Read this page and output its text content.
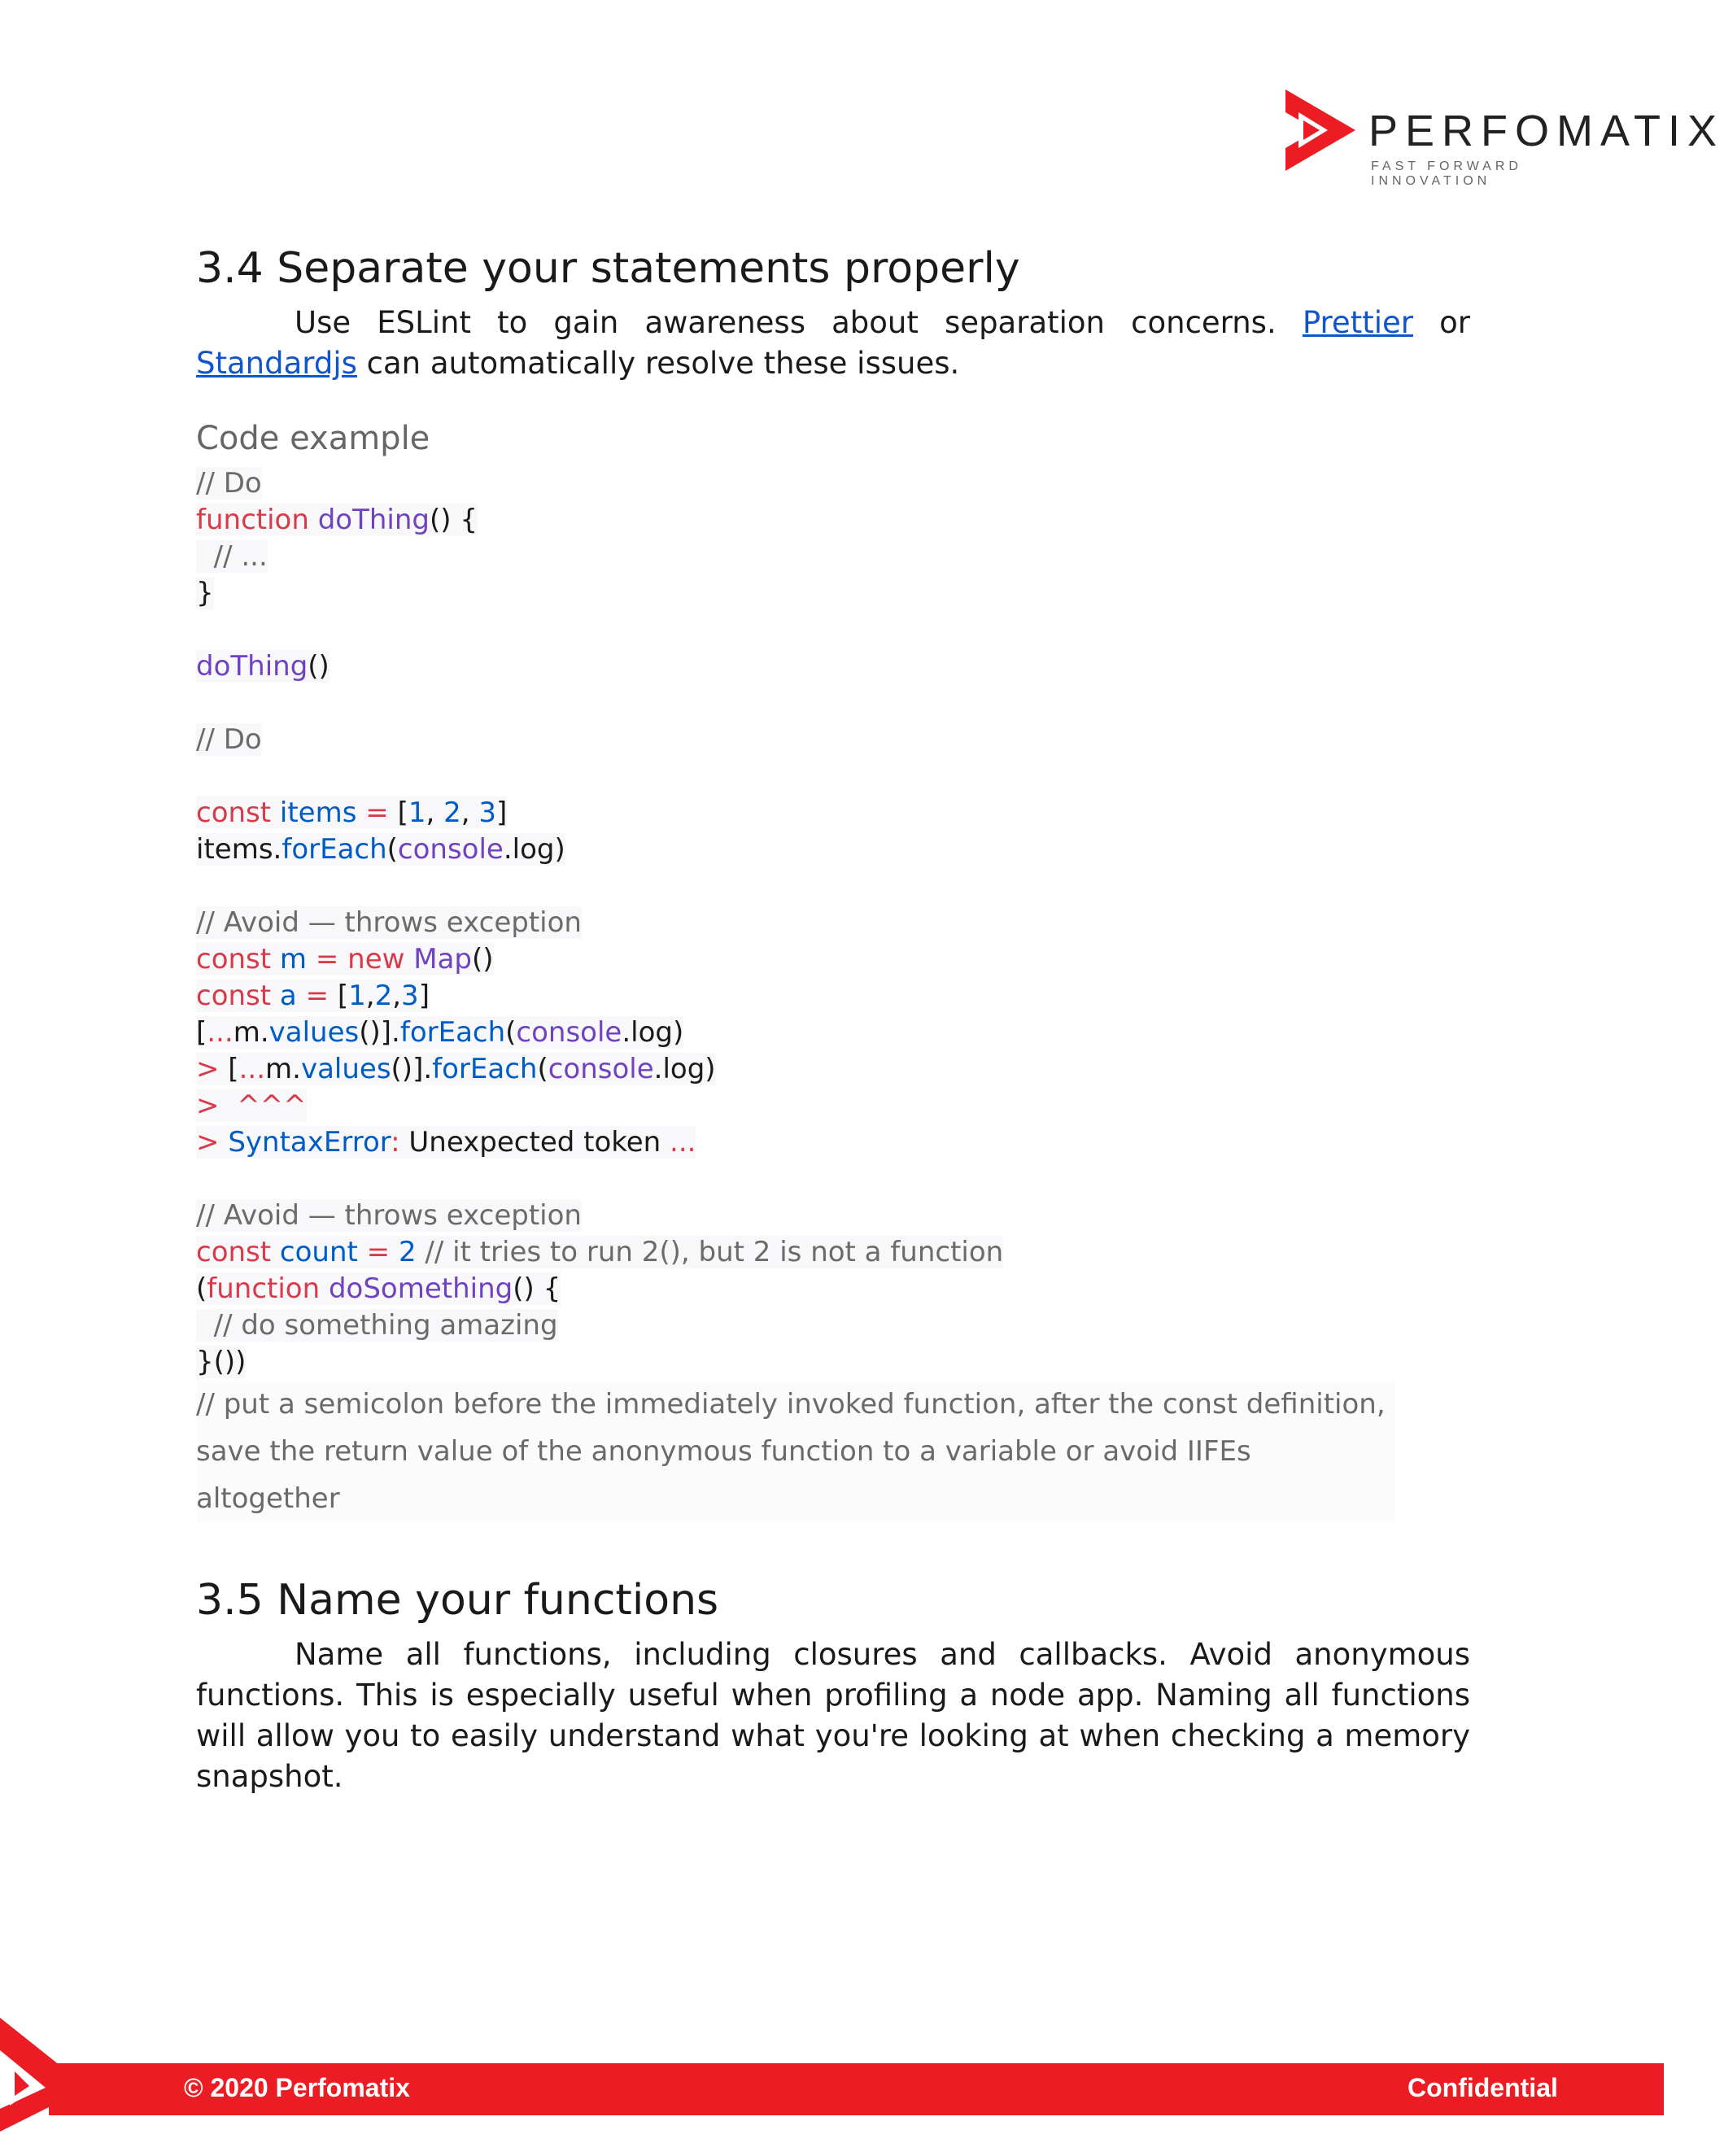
PERFOMATIX
FAST FORWARD INNOVATION
3.4 Separate your statements properly

Use ESLint to gain awareness about separation concerns. Prettier or Standardjs can automatically resolve these issues.

Code example
// Do
function doThing() {
// ...
}
doThing()
// Do
const items = [1, 2, 3]
items.forEach(console.log)
// Avoid — throws exception
const m = new Map()
const a = [1,2,3]
[...m.values()].forEach(console.log)
> [...m.values()].forEach(console.log)
>  ^^^
> SyntaxError: Unexpected token ...
// Avoid — throws exception
const count = 2 // it tries to run 2(), but 2 is not a function
(function doSomething() {
// do something amazing
}())
// put a semicolon before the immediately invoked function, after the const definition, save the return value of the anonymous function to a variable or avoid IIFEs altogether
3.5 Name your functions

Name all functions, including closures and callbacks. Avoid anonymous functions. This is especially useful when profiling a node app. Naming all functions will allow you to easily understand what you're looking at when checking a memory snapshot.

© 2020 Perfomatix	Confidential
